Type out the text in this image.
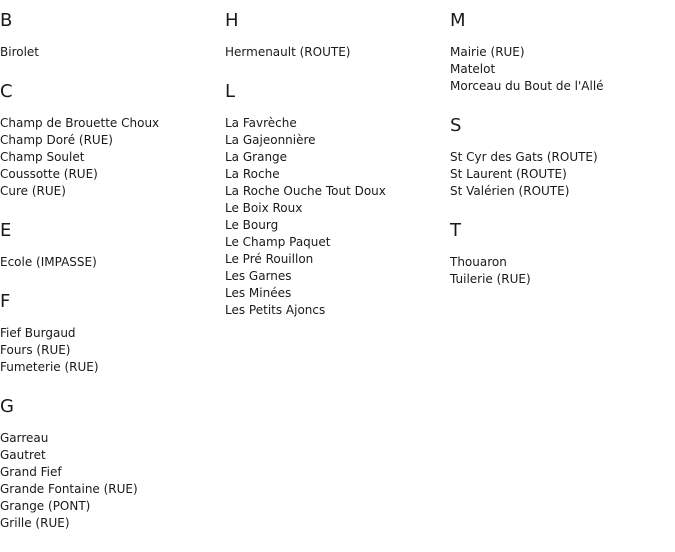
B
Birolet
C
Champ de Brouette Choux
Champ Doré (RUE)
Champ Soulet
Coussotte (RUE)
Cure (RUE)
E
Ecole (IMPASSE)
F
Fief Burgaud
Fours (RUE)
Fumeterie (RUE)
G
Garreau
Gautret
Grand Fief
Grande Fontaine (RUE)
Grange (PONT)
Grille (RUE)
H
Hermenault (ROUTE)
L
La Favrèche
La Gajeonnière
La Grange
La Roche
La Roche Ouche Tout Doux
Le Boix Roux
Le Bourg
Le Champ Paquet
Le Pré Rouillon
Les Garnes
Les Minées
Les Petits Ajoncs
M
Mairie (RUE)
Matelot
Morceau du Bout de l'Allé
S
St Cyr des Gats (ROUTE)
St Laurent (ROUTE)
St Valérien (ROUTE)
T
Thouaron
Tuilerie (RUE)
